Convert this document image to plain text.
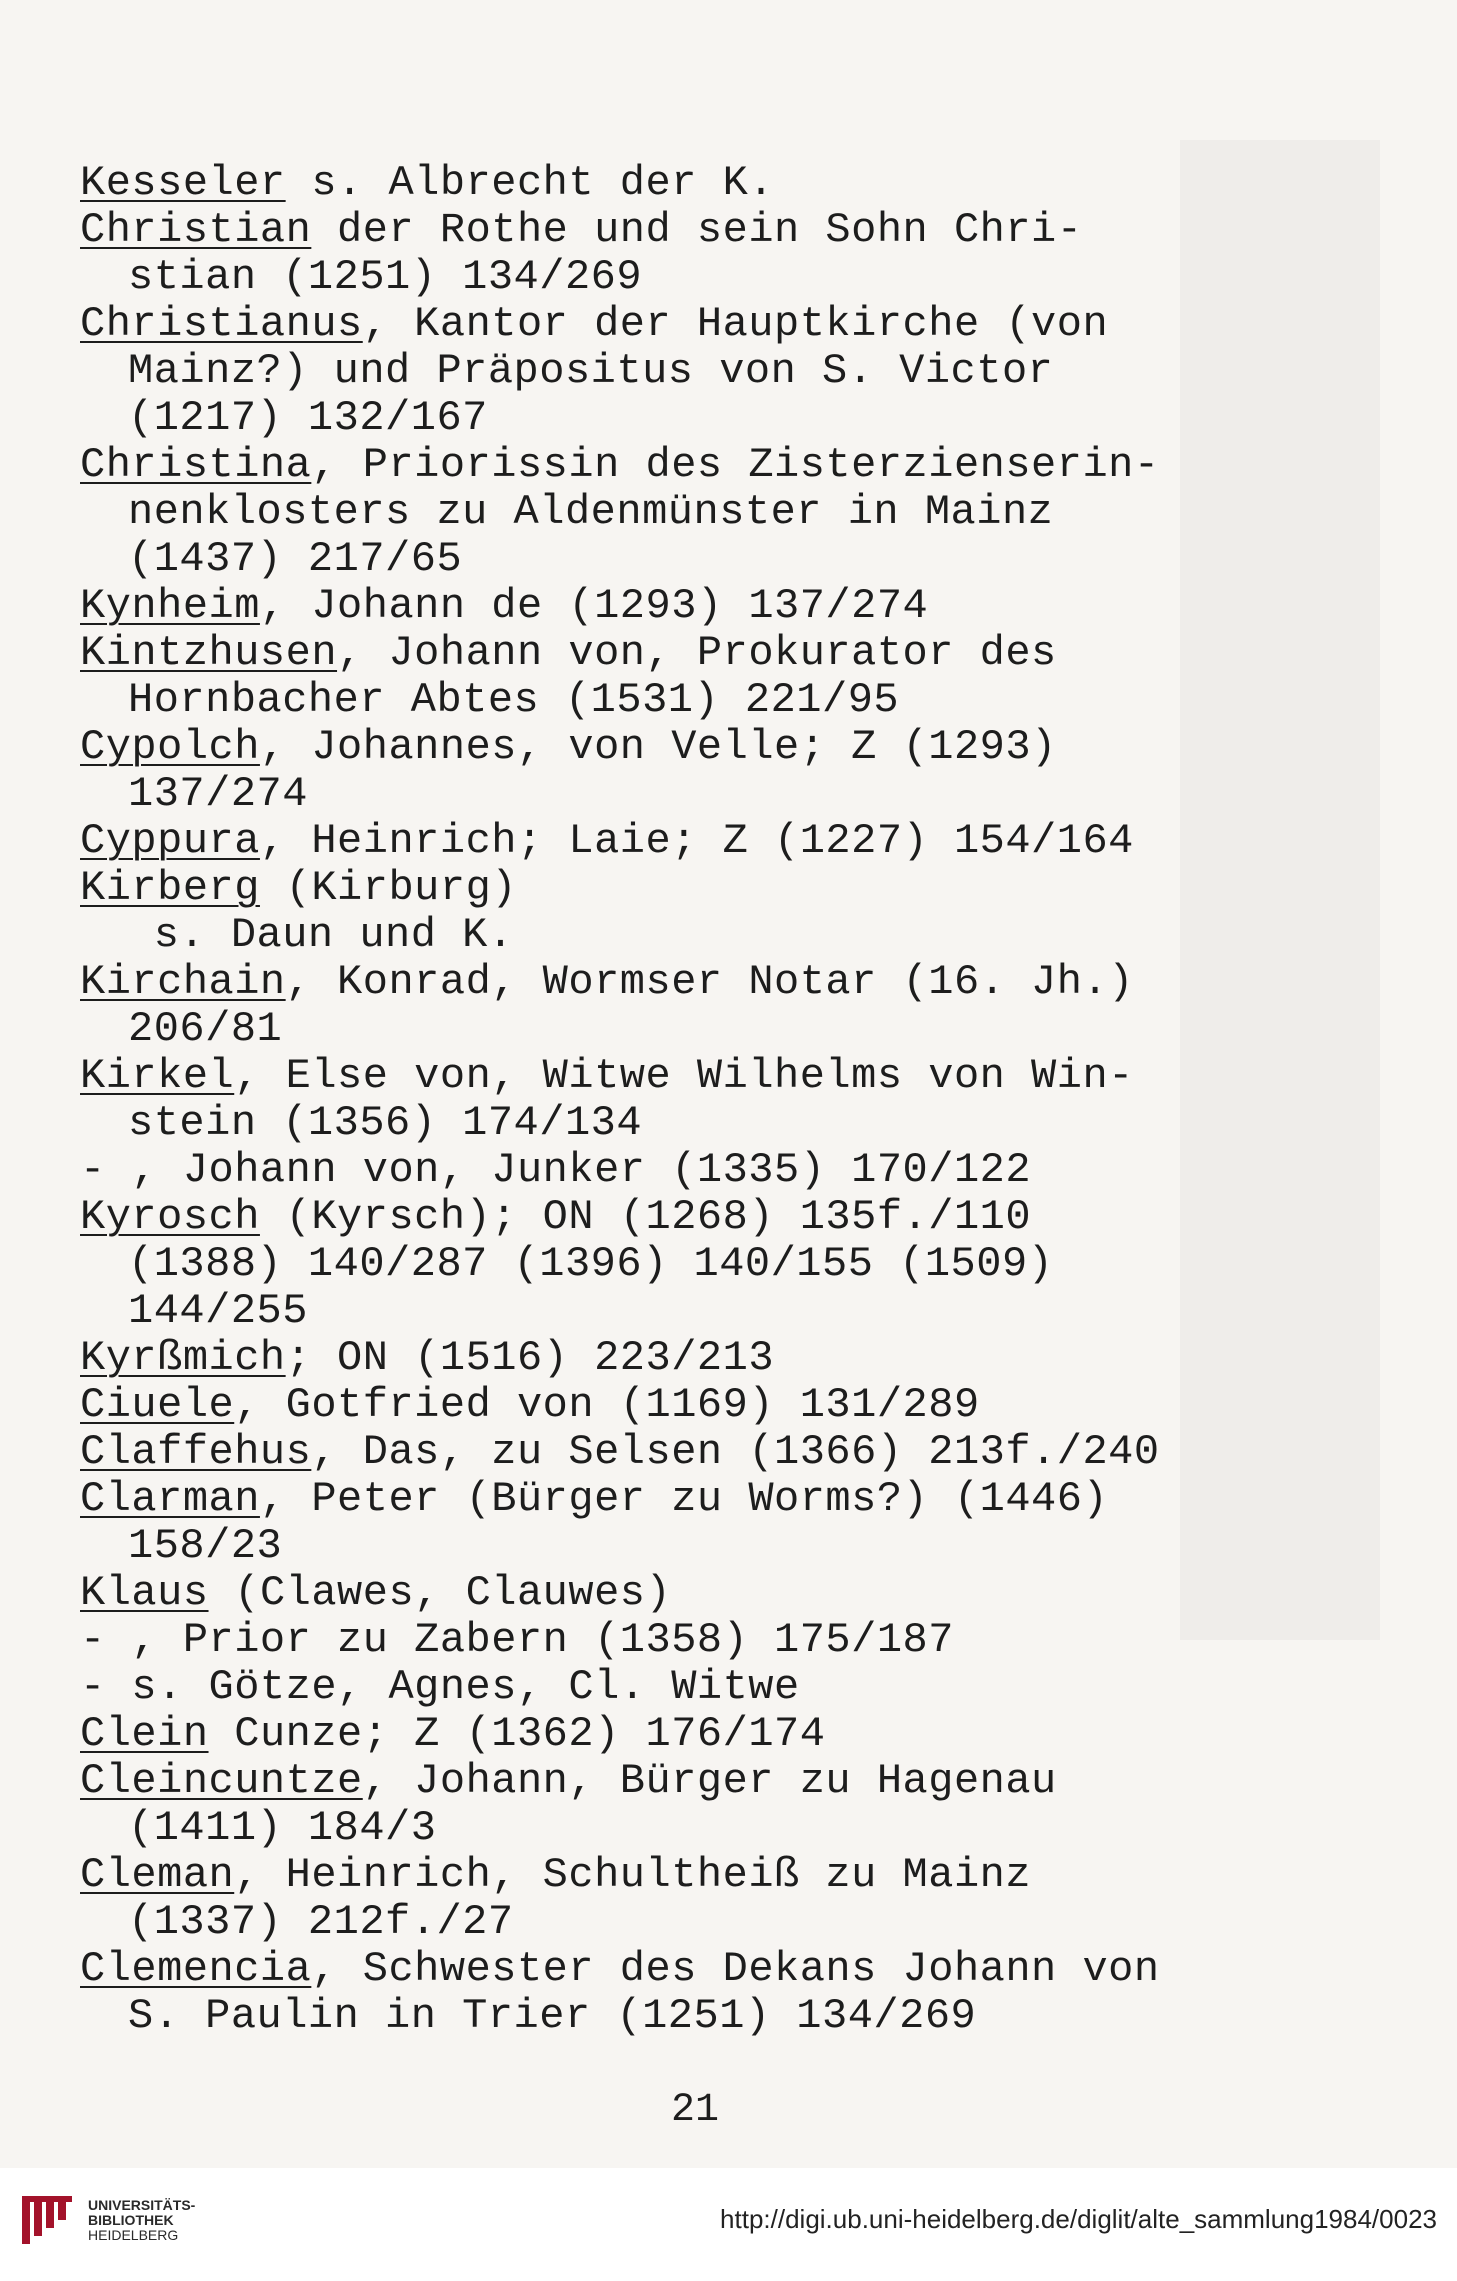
Kesseler s. Albrecht der K.
Christian der Rothe und sein Sohn Chri-
stian (1251) 134/269
Christianus, Kantor der Hauptkirche (von
Mainz?) und Präpositus von S. Victor
(1217) 132/167
Christina, Priorissin des Zisterzienserin-
nenklosters zu Aldenmünster in Mainz
(1437) 217/65
Kynheim, Johann de (1293) 137/274
Kintzhusen, Johann von, Prokurator des
Hornbacher Abtes (1531) 221/95
Cypolch, Johannes, von Velle; Z (1293)
137/274
Cyppura, Heinrich; Laie; Z (1227) 154/164
Kirberg (Kirburg)
s. Daun und K.
Kirchain, Konrad, Wormser Notar (16. Jh.)
206/81
Kirkel, Else von, Witwe Wilhelms von Win-
stein (1356) 174/134
- , Johann von, Junker (1335) 170/122
Kyrosch (Kyrsch); ON (1268) 135f./110
(1388) 140/287 (1396) 140/155 (1509)
144/255
Kyrßmich; ON (1516) 223/213
Ciuele, Gotfried von (1169) 131/289
Claffehus, Das, zu Selsen (1366) 213f./240
Clarman, Peter (Bürger zu Worms?) (1446)
158/23
Klaus (Clawes, Clauwes)
- , Prior zu Zabern (1358) 175/187
- s. Götze, Agnes, Cl. Witwe
Clein Cunze; Z (1362) 176/174
Cleincuntze, Johann, Bürger zu Hagenau
(1411) 184/3
Cleman, Heinrich, Schultheiß zu Mainz
(1337) 212f./27
Clemencia, Schwester des Dekans Johann von
S. Paulin in Trier (1251) 134/269
21
UNIVERSITÄTS-
BIBLIOTHEK
HEIDELBERG
http://digi.ub.uni-heidelberg.de/diglit/alte_sammlung1984/0023
